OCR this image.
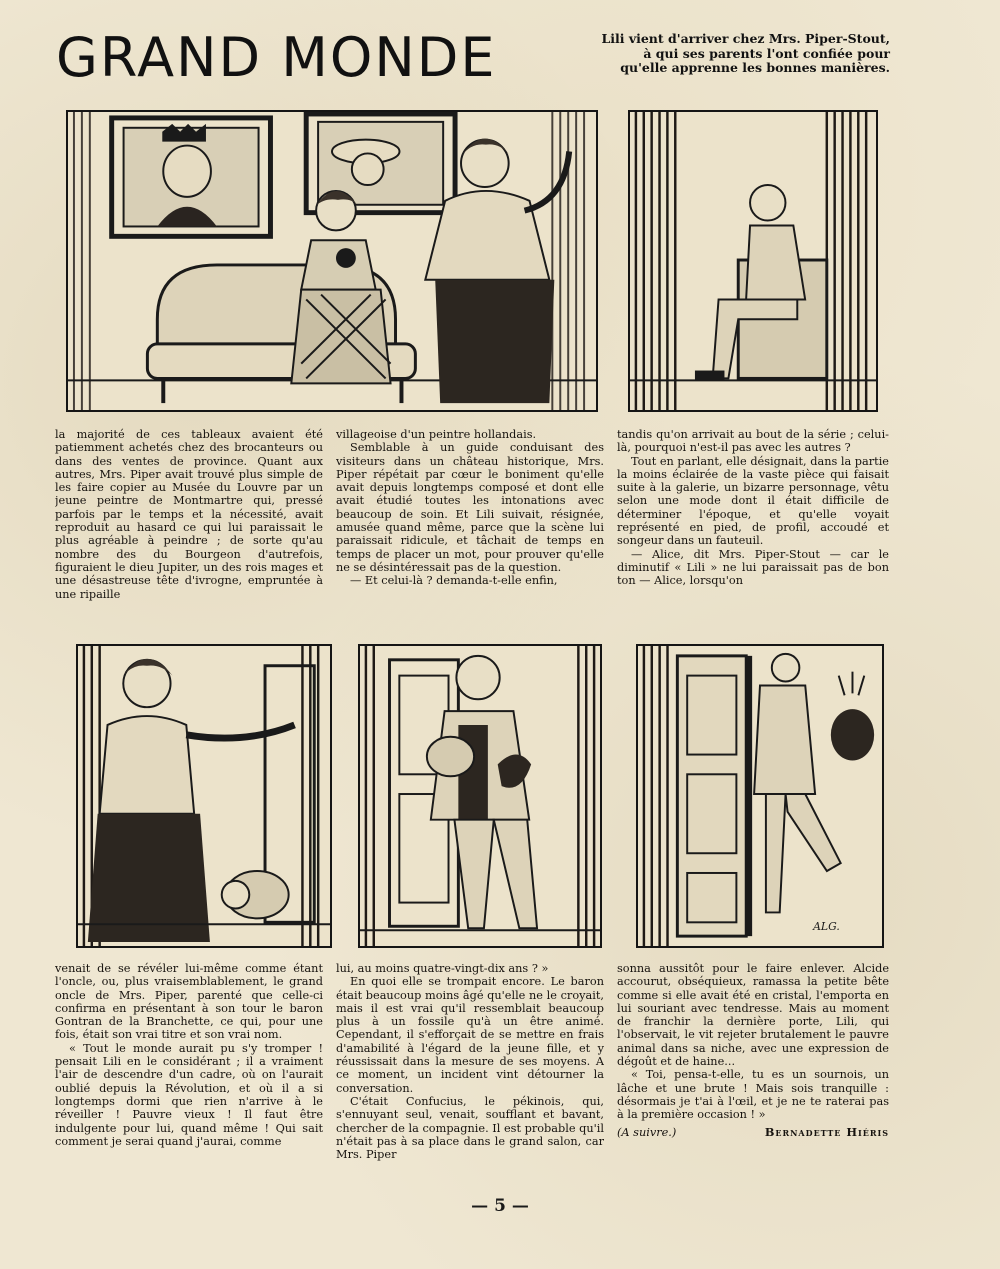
GRAND MONDE	Lili vient d'arriver chez Mrs. Piper-Stout,
à qui ses parents l'ont confiée pour
qu'elle apprenne les bonnes manières.

la majorité de ces tableaux avaient été patiemment achetés chez des brocanteurs ou dans des ventes de province. Quant aux autres, Mrs. Piper avait trouvé plus simple de les faire copier au Musée du Louvre par un jeune peintre de Montmartre qui, pressé parfois par le temps et la nécessité, avait reproduit au hasard ce qui lui paraissait le plus agréable à peindre ; de sorte qu'au nombre des du Bourgeon d'autrefois, figuraient le dieu Jupiter, un des rois mages et une désastreuse tête d'ivrogne, empruntée à une ripaille

villageoise d'un peintre hollandais.

Semblable à un guide conduisant des visiteurs dans un château historique, Mrs. Piper répétait par cœur le boniment qu'elle avait depuis longtemps composé et dont elle avait étudié toutes les intonations avec beaucoup de soin. Et Lili suivait, résignée, amusée quand même, parce que la scène lui paraissait ridicule, et tâchait de temps en temps de placer un mot, pour prouver qu'elle ne se désintéressait pas de la question.

— Et celui-là ? demanda-t-elle enfin,

tandis qu'on arrivait au bout de la série ; celui-là, pourquoi n'est-il pas avec les autres ?

Tout en parlant, elle désignait, dans la partie la moins éclairée de la vaste pièce qui faisait suite à la galerie, un bizarre personnage, vêtu selon une mode dont il était difficile de déterminer l'époque, et qu'elle voyait représenté en pied, de profil, accoudé et songeur dans un fauteuil.

— Alice, dit Mrs. Piper-Stout — car le diminutif « Lili » ne lui paraissait pas de bon ton — Alice, lorsqu'on

ALG.

venait de se révéler lui-même comme étant l'oncle, ou, plus vraisemblablement, le grand oncle de Mrs. Piper, parenté que celle-ci confirma en présentant à son tour le baron Gontran de la Branchette, ce qui, pour une fois, était son vrai titre et son vrai nom.

« Tout le monde aurait pu s'y tromper ! pensait Lili en le considérant ; il a vraiment l'air de descendre d'un cadre, où on l'aurait oublié depuis la Révolution, et où il a si longtemps dormi que rien n'arrive à le réveiller ! Pauvre vieux ! Il faut être indulgente pour lui, quand même ! Qui sait comment je serai quand j'aurai, comme

lui, au moins quatre-vingt-dix ans ? »

En quoi elle se trompait encore. Le baron était beaucoup moins âgé qu'elle ne le croyait, mais il est vrai qu'il ressemblait beaucoup plus à un fossile qu'à un être animé. Cependant, il s'efforçait de se mettre en frais d'amabilité à l'égard de la jeune fille, et y réussissait dans la mesure de ses moyens. A ce moment, un incident vint détourner la conversation.

C'était Confucius, le pékinois, qui, s'ennuyant seul, venait, soufflant et bavant, chercher de la compagnie. Il est probable qu'il n'était pas à sa place dans le grand salon, car Mrs. Piper

sonna aussitôt pour le faire enlever. Alcide accourut, obséquieux, ramassa la petite bête comme si elle avait été en cristal, l'emporta en lui souriant avec tendresse. Mais au moment de franchir la dernière porte, Lili, qui l'observait, le vit rejeter brutalement le pauvre animal dans sa niche, avec une expression de dégoût et de haine...

« Toi, pensa-t-elle, tu es un sournois, un lâche et une brute ! Mais sois tranquille : désormais je t'ai à l'œil, et je ne te raterai pas à la première occasion ! »

(A suivre.)	Bernadette Hiéris
— 5 —
